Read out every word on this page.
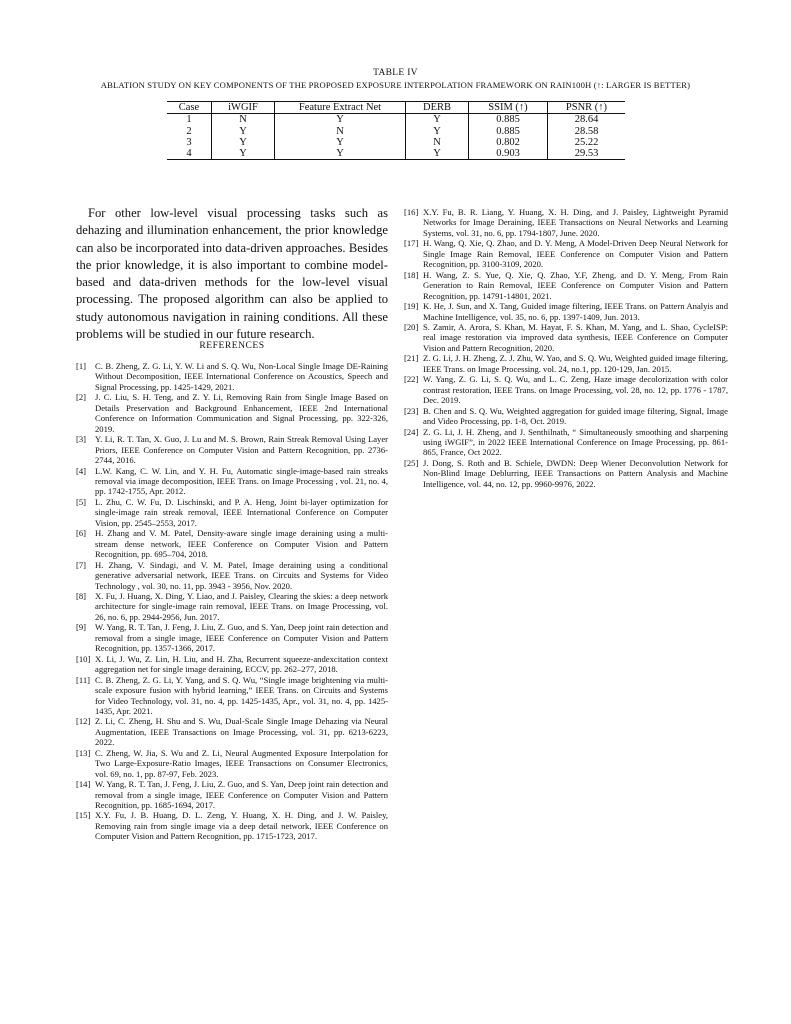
TABLE IV
ABLATION STUDY ON KEY COMPONENTS OF THE PROPOSED EXPOSURE INTERPOLATION FRAMEWORK ON RAIN100H (↑: LARGER IS BETTER)
Case	iWGIF	Feature Extract Net	DERB	SSIM (↑)	PSNR (↑)
1	N	Y	Y	0.885	28.64
2	Y	N	Y	0.885	28.58
3	Y	Y	N	0.802	25.22
4	Y	Y	Y	0.903	29.53

For other low-level visual processing tasks such as dehazing and illumination enhancement, the prior knowledge can also be incorporated into data-driven approaches. Besides the prior knowledge, it is also important to combine model-based and data-driven methods for the low-level visual processing. The proposed algorithm can also be applied to study autonomous navigation in raining conditions. All these problems will be studied in our future research.

REFERENCES
[1] C. B. Zheng, Z. G. Li, Y. W. Li and S. Q. Wu, Non-Local Single Image DE-Raining Without Decomposition, IEEE International Conference on Acoustics, Speech and Signal Processing, pp. 1425-1429, 2021.
[2] J. C. Liu, S. H. Teng, and Z. Y. Li, Removing Rain from Single Image Based on Details Preservation and Background Enhancement, IEEE 2nd International Conference on Information Communication and Signal Processing, pp. 322-326, 2019.
[3] Y. Li, R. T. Tan, X. Guo, J. Lu and M. S. Brown, Rain Streak Removal Using Layer Priors, IEEE Conference on Computer Vision and Pattern Recognition, pp. 2736-2744, 2016.
[4] L.W. Kang, C. W. Lin, and Y. H. Fu, Automatic single-image-based rain streaks removal via image decomposition, IEEE Trans. on Image Processing , vol. 21, no. 4, pp. 1742-1755, Apr. 2012.
[5] L. Zhu, C. W. Fu, D. Lischinski, and P. A. Heng, Joint bi-layer optimization for single-image rain streak removal, IEEE International Conference on Computer Vision, pp. 2545–2553, 2017.
[6] H. Zhang and V. M. Patel, Density-aware single image deraining using a multi-stream dense network, IEEE Conference on Computer Vision and Pattern Recognition, pp. 695–704, 2018.
[7] H. Zhang, V. Sindagi, and V. M. Patel, Image deraining using a conditional generative adversarial network, IEEE Trans. on Circuits and Systems for Video Technology , vol. 30, no. 11, pp. 3943 - 3956, Nov. 2020.
[8] X. Fu, J. Huang, X. Ding, Y. Liao, and J. Paisley, Clearing the skies: a deep network architecture for single-image rain removal, IEEE Trans. on Image Processing, vol. 26, no. 6, pp. 2944-2956, Jun. 2017.
[9] W. Yang, R. T. Tan, J. Feng, J. Liu, Z. Guo, and S. Yan, Deep joint rain detection and removal from a single image, IEEE Conference on Computer Vision and Pattern Recognition, pp. 1357-1366, 2017.
[10] X. Li, J. Wu, Z. Lin, H. Liu, and H. Zha, Recurrent squeeze-andexcitation context aggregation net for single image deraining, ECCV, pp. 262–277, 2018.
[11] C. B. Zheng, Z. G. Li, Y. Yang, and S. Q. Wu, “Single image brightening via multi-scale exposure fusion with hybrid learning,” IEEE Trans. on Circuits and Systems for Video Technology, vol. 31, no. 4, pp. 1425-1435, Apr., vol. 31, no. 4, pp. 1425-1435, Apr. 2021.
[12] Z. Li, C. Zheng, H. Shu and S. Wu, Dual-Scale Single Image Dehazing via Neural Augmentation, IEEE Transactions on Image Processing, vol. 31, pp. 6213-6223, 2022.
[13] C. Zheng, W. Jia, S. Wu and Z. Li, Neural Augmented Exposure Interpolation for Two Large-Exposure-Ratio Images, IEEE Transactions on Consumer Electronics, vol. 69, no. 1, pp. 87-97, Feb. 2023.
[14] W. Yang, R. T. Tan, J. Feng, J. Liu, Z. Guo, and S. Yan, Deep joint rain detection and removal from a single image, IEEE Conference on Computer Vision and Pattern Recognition, pp. 1685-1694, 2017.
[15] X.Y. Fu, J. B. Huang, D. L. Zeng, Y. Huang, X. H. Ding, and J. W. Paisley, Removing rain from single image via a deep detail network, IEEE Conference on Computer Vision and Pattern Recognition, pp. 1715-1723, 2017.
[16] X.Y. Fu, B. R. Liang, Y. Huang, X. H. Ding, and J. Paisley, Lightweight Pyramid Networks for Image Deraining, IEEE Transactions on Neural Networks and Learning Systems, vol. 31, no. 6, pp. 1794-1807, June. 2020.
[17] H. Wang, Q. Xie, Q. Zhao, and D. Y. Meng, A Model-Driven Deep Neural Network for Single Image Rain Removal, IEEE Conference on Computer Vision and Pattern Recognition, pp. 3100-3109, 2020.
[18] H. Wang, Z. S. Yue, Q. Xie, Q. Zhao, Y.F, Zheng, and D. Y. Meng, From Rain Generation to Rain Removal, IEEE Conference on Computer Vision and Pattern Recognition, pp. 14791-14801, 2021.
[19] K. He, J. Sun, and X. Tang, Guided image filtering, IEEE Trans. on Pattern Analyis and Machine Intelligence, vol. 35, no. 6, pp. 1397-1409, Jun. 2013.
[20] S. Zamir, A. Arora, S. Khan, M. Hayat, F. S. Khan, M. Yang, and L. Shao, CycleISP: real image restoration via improved data synthesis, IEEE Conference on Computer Vision and Pattern Recognition, 2020.
[21] Z. G. Li, J. H. Zheng, Z. J. Zhu, W. Yao, and S. Q. Wu, Weighted guided image filtering, IEEE Trans. on Image Processing. vol. 24, no.1, pp. 120-129, Jan. 2015.
[22] W. Yang, Z. G. Li, S. Q. Wu, and L. C. Zeng, Haze image decolorization with color contrast restoration, IEEE Trans. on Image Processing, vol. 28, no. 12, pp. 1776 - 1787, Dec. 2019.
[23] B. Chen and S. Q. Wu, Weighted aggregation for guided image filtering, Signal, Image and Video Processing, pp. 1-8, Oct. 2019.
[24] Z. G. Li, J. H. Zheng, and J. Senthilnath, “ Simultaneously smoothing and sharpening using iWGIF”, in 2022 IEEE International Conference on Image Processing, pp. 861-865, France, Oct 2022.
[25] J. Dong, S. Roth and B. Schiele, DWDN: Deep Wiener Deconvolution Network for Non-Blind Image Deblurring, IEEE Transactions on Pattern Analysis and Machine Intelligence, vol. 44, no. 12, pp. 9960-9976, 2022.
